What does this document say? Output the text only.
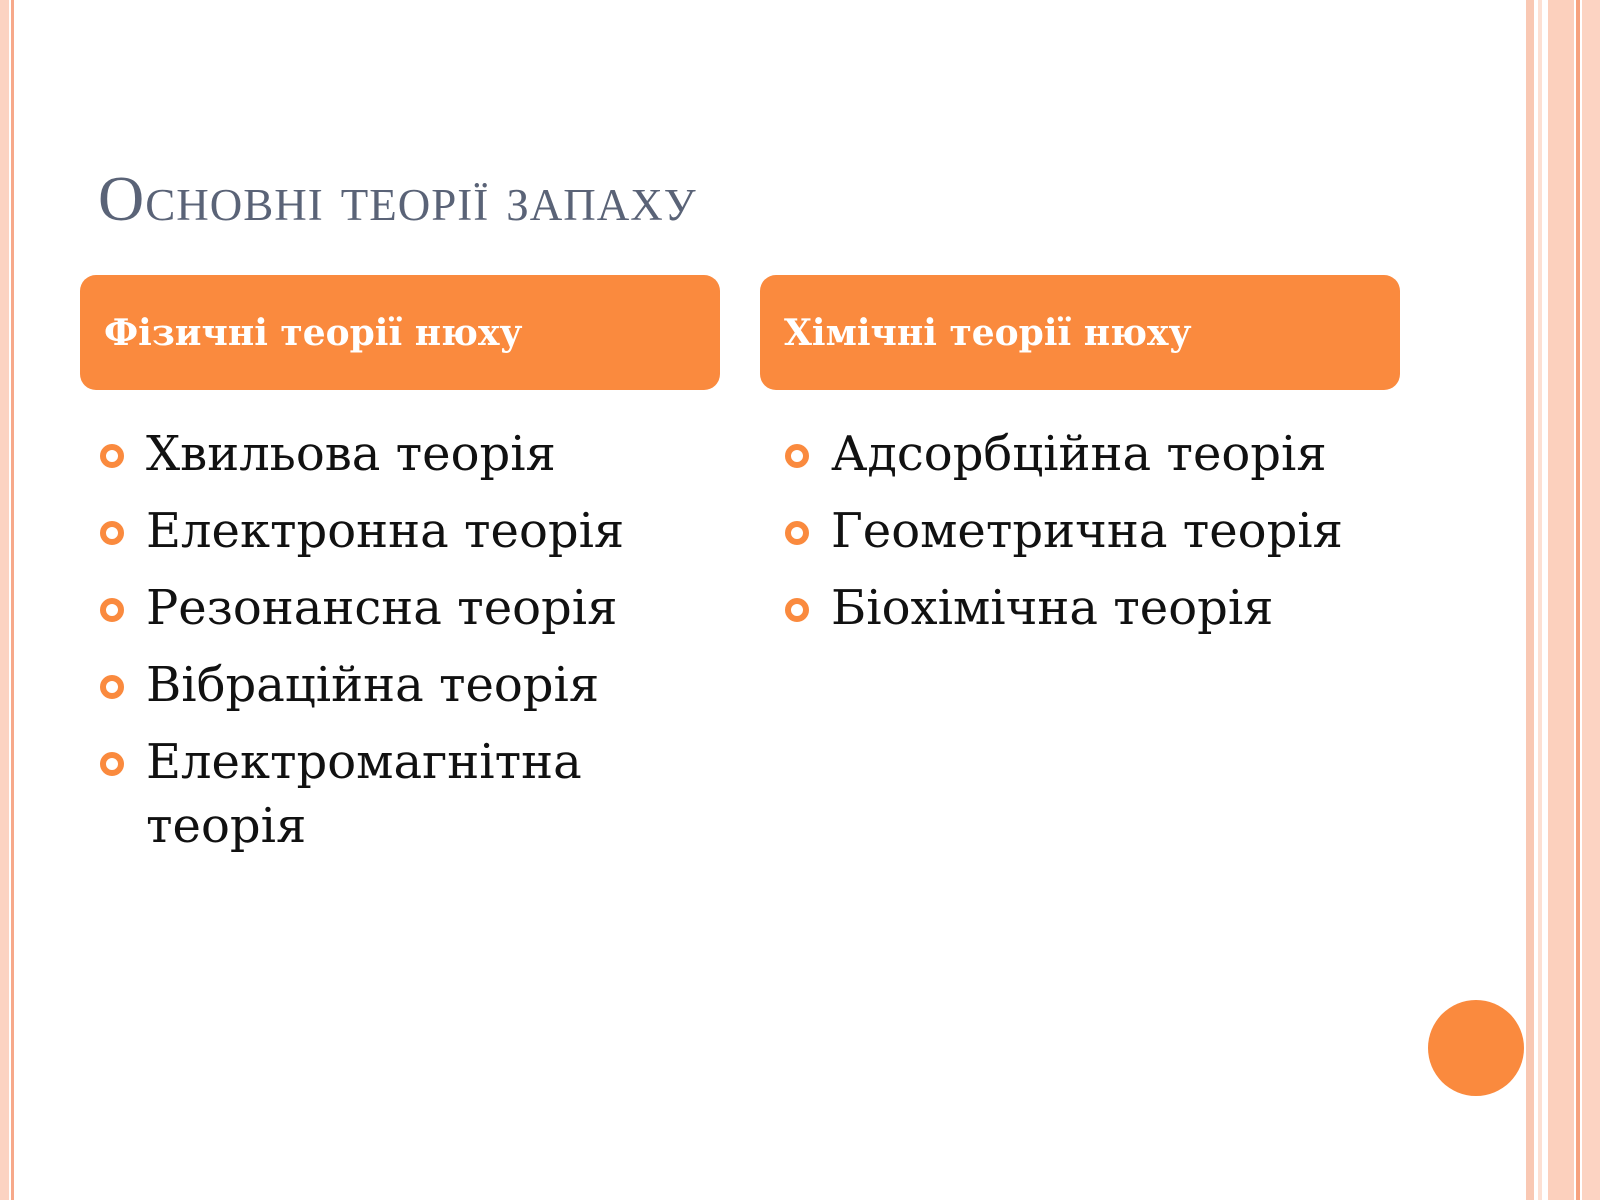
Основні теорії запаху
Фізичні теорії нюху	Хімічні теорії нюху
Хвильова теорія
Електронна теорія
Резонансна теорія
Вібраційна теорія
Електромагнітна теорія
Адсорбційна теорія
Геометрична теорія
Біохімічна теорія
